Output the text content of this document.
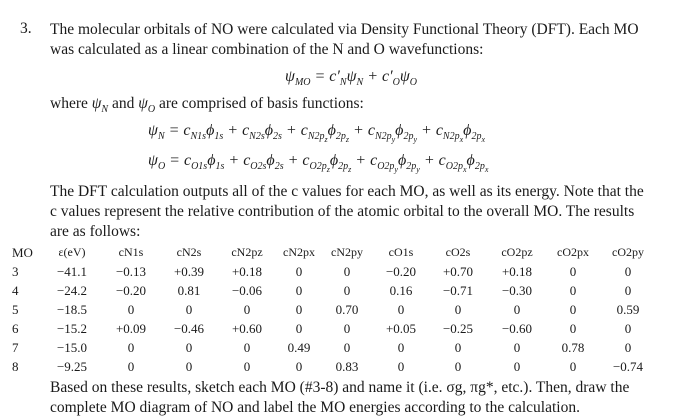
3. The molecular orbitals of NO were calculated via Density Functional Theory (DFT). Each MO
was calculated as a linear combination of the N and O wavefunctions:
$\psi_{MO} = c'_N\psi_N + c'_O\psi_O$
where $\psi_N$ and $\psi_O$ are comprised of basis functions:
$\psi_N = c_{N1s}\phi_{1s} + c_{N2s}\phi_{2s} + c_{N2p_z}\phi_{2p_z} + c_{N2p_y}\phi_{2p_y} + c_{N2p_x}\phi_{2p_x}$
$\psi_O = c_{O1s}\phi_{1s} + c_{O2s}\phi_{2s} + c_{O2p_z}\phi_{2p_z} + c_{O2p_y}\phi_{2p_y} + c_{O2p_x}\phi_{2p_x}$
The DFT calculation outputs all of the c values for each MO, as well as its energy. Note that the
c values represent the relative contribution of the atomic orbital to the overall MO. The results
are as follows:
MO	ε(eV)	cN1s	cN2s	cN2pz	cN2px	cN2py	cO1s	cO2s	cO2pz	cO2px	cO2py
3	−41.1	−0.13	+0.39	+0.18	0	0	−0.20	+0.70	+0.18	0	0
4	−24.2	−0.20	0.81	−0.06	0	0	0.16	−0.71	−0.30	0	0
5	−18.5	0	0	0	0	0.70	0	0	0	0	0.59
6	−15.2	+0.09	−0.46	+0.60	0	0	+0.05	−0.25	−0.60	0	0
7	−15.0	0	0	0	0.49	0	0	0	0	0.78	0
8	−9.25	0	0	0	0	0.83	0	0	0	0	−0.74
Based on these results, sketch each MO (#3-8) and name it (i.e. σg, πg*, etc.). Then, draw the
complete MO diagram of NO and label the MO energies according to the calculation.
